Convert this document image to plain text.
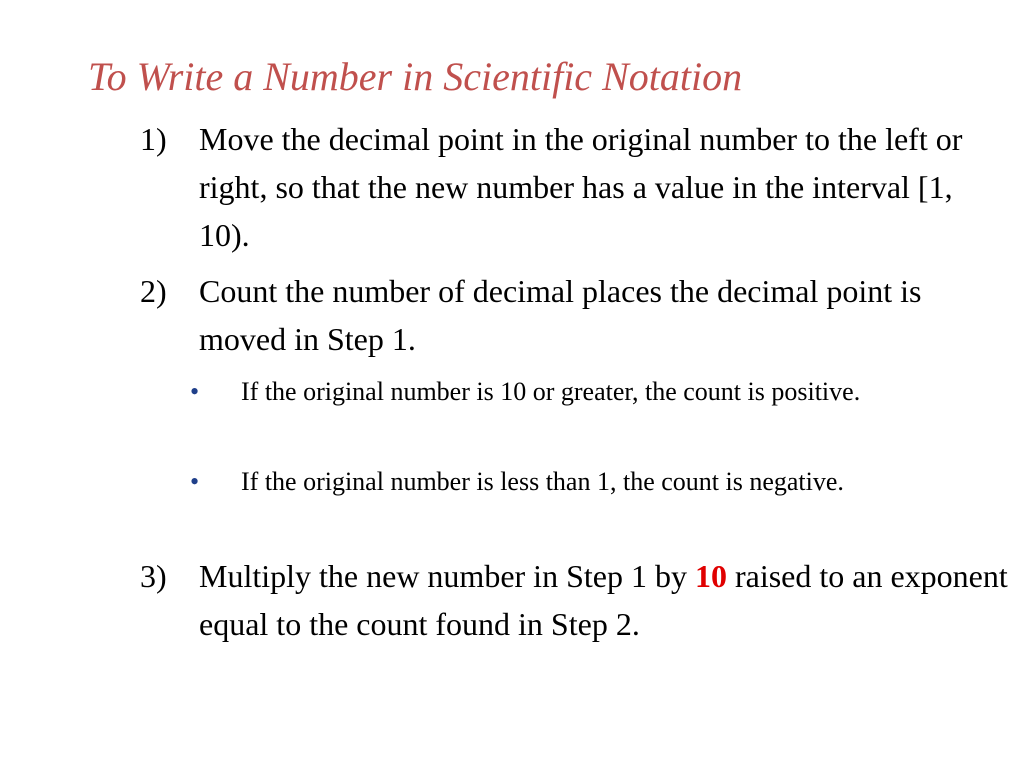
To Write a Number in Scientific Notation
1)	Move the decimal point in the original number to the left or right, so that the new number has a value in the interval [1, 10).
2)	Count the number of decimal places the decimal point is moved in Step 1.
• If the original number is 10 or greater, the count is positive.
• If the original number is less than 1, the count is negative.
3)	Multiply the new number in Step 1 by 10 raised to an exponent equal to the count found in Step 2.
